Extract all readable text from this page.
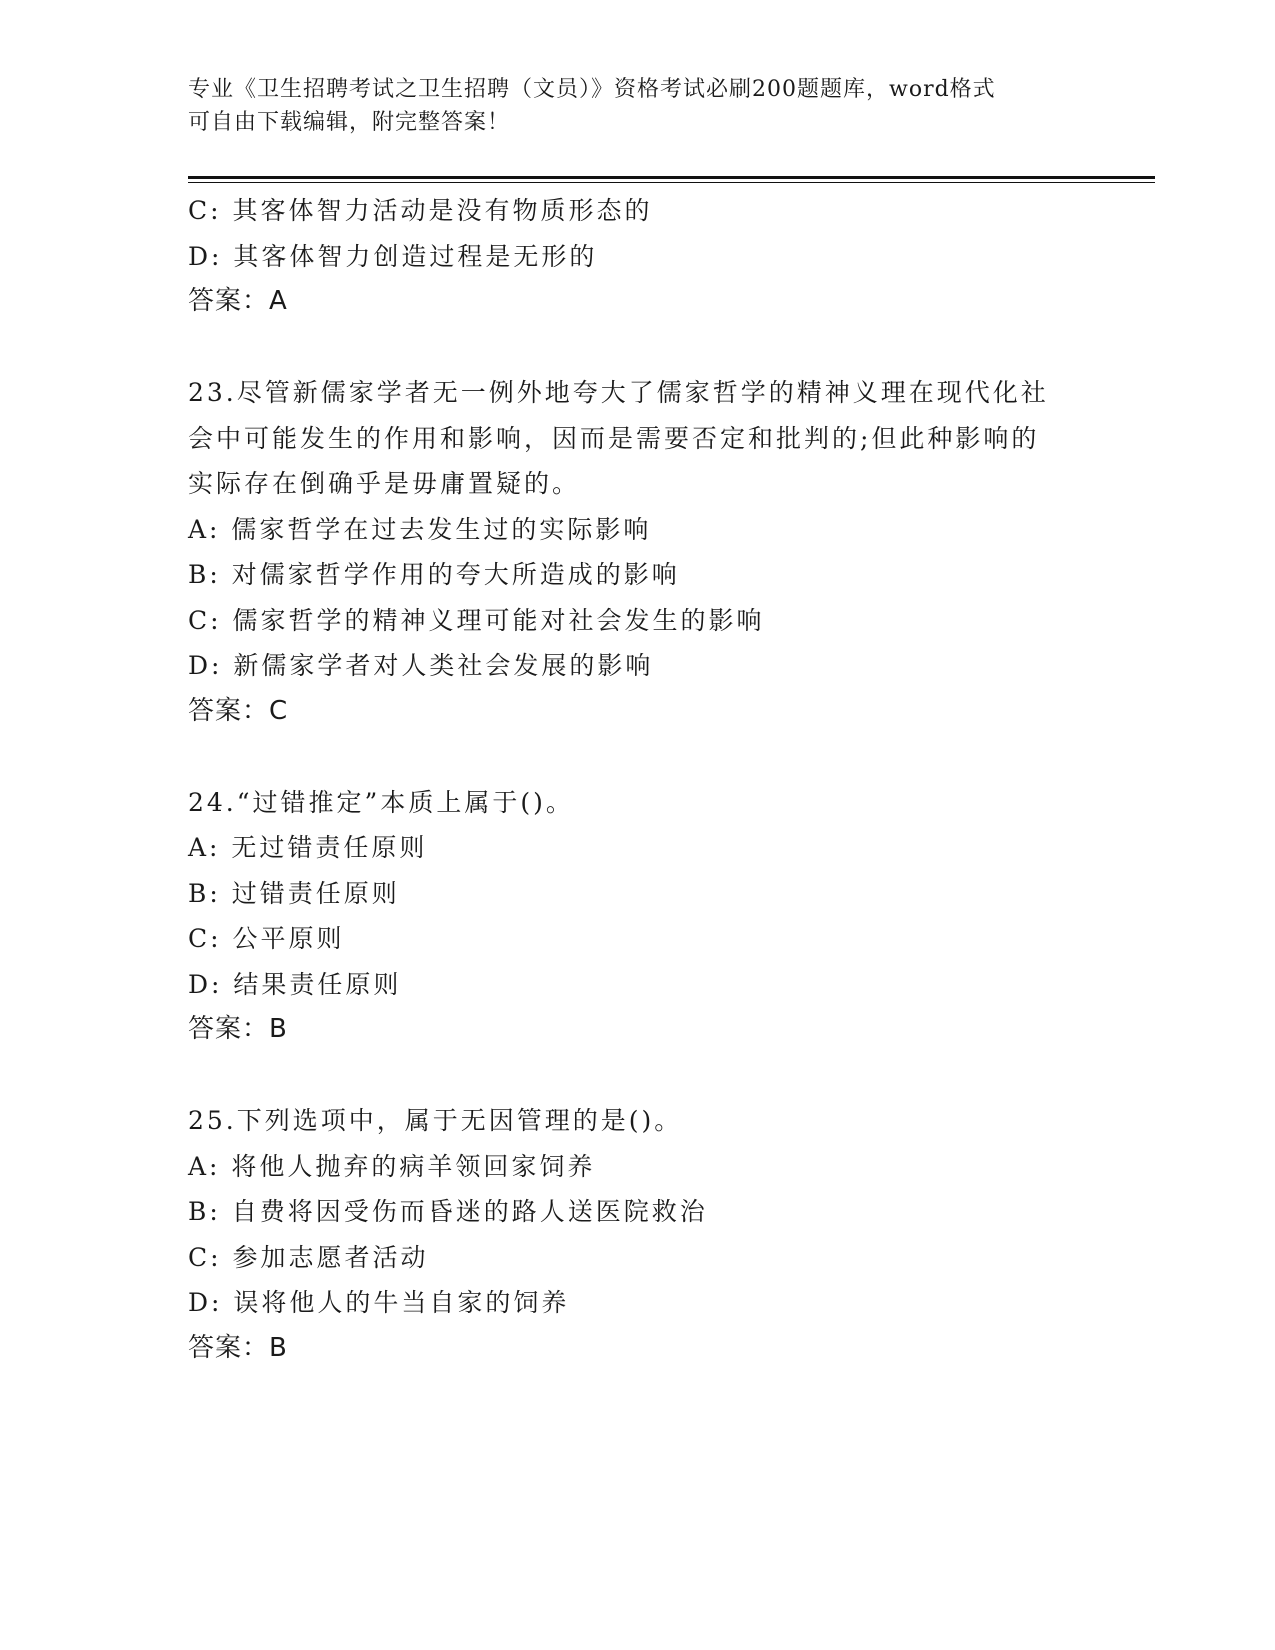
专业《卫生招聘考试之卫生招聘（文员）》资格考试必刷200题题库，word格式
可自由下载编辑，附完整答案！
C: 其客体智力活动是没有物质形态的
D: 其客体智力创造过程是无形的
答案：A
23.尽管新儒家学者无一例外地夸大了儒家哲学的精神义理在现代化社
会中可能发生的作用和影响，因而是需要否定和批判的;但此种影响的
实际存在倒确乎是毋庸置疑的。
A: 儒家哲学在过去发生过的实际影响
B: 对儒家哲学作用的夸大所造成的影响
C: 儒家哲学的精神义理可能对社会发生的影响
D: 新儒家学者对人类社会发展的影响
答案：C
24.“过错推定”本质上属于()。
A: 无过错责任原则
B: 过错责任原则
C: 公平原则
D: 结果责任原则
答案：B
25.下列选项中，属于无因管理的是()。
A: 将他人抛弃的病羊领回家饲养
B: 自费将因受伤而昏迷的路人送医院救治
C: 参加志愿者活动
D: 误将他人的牛当自家的饲养
答案：B
